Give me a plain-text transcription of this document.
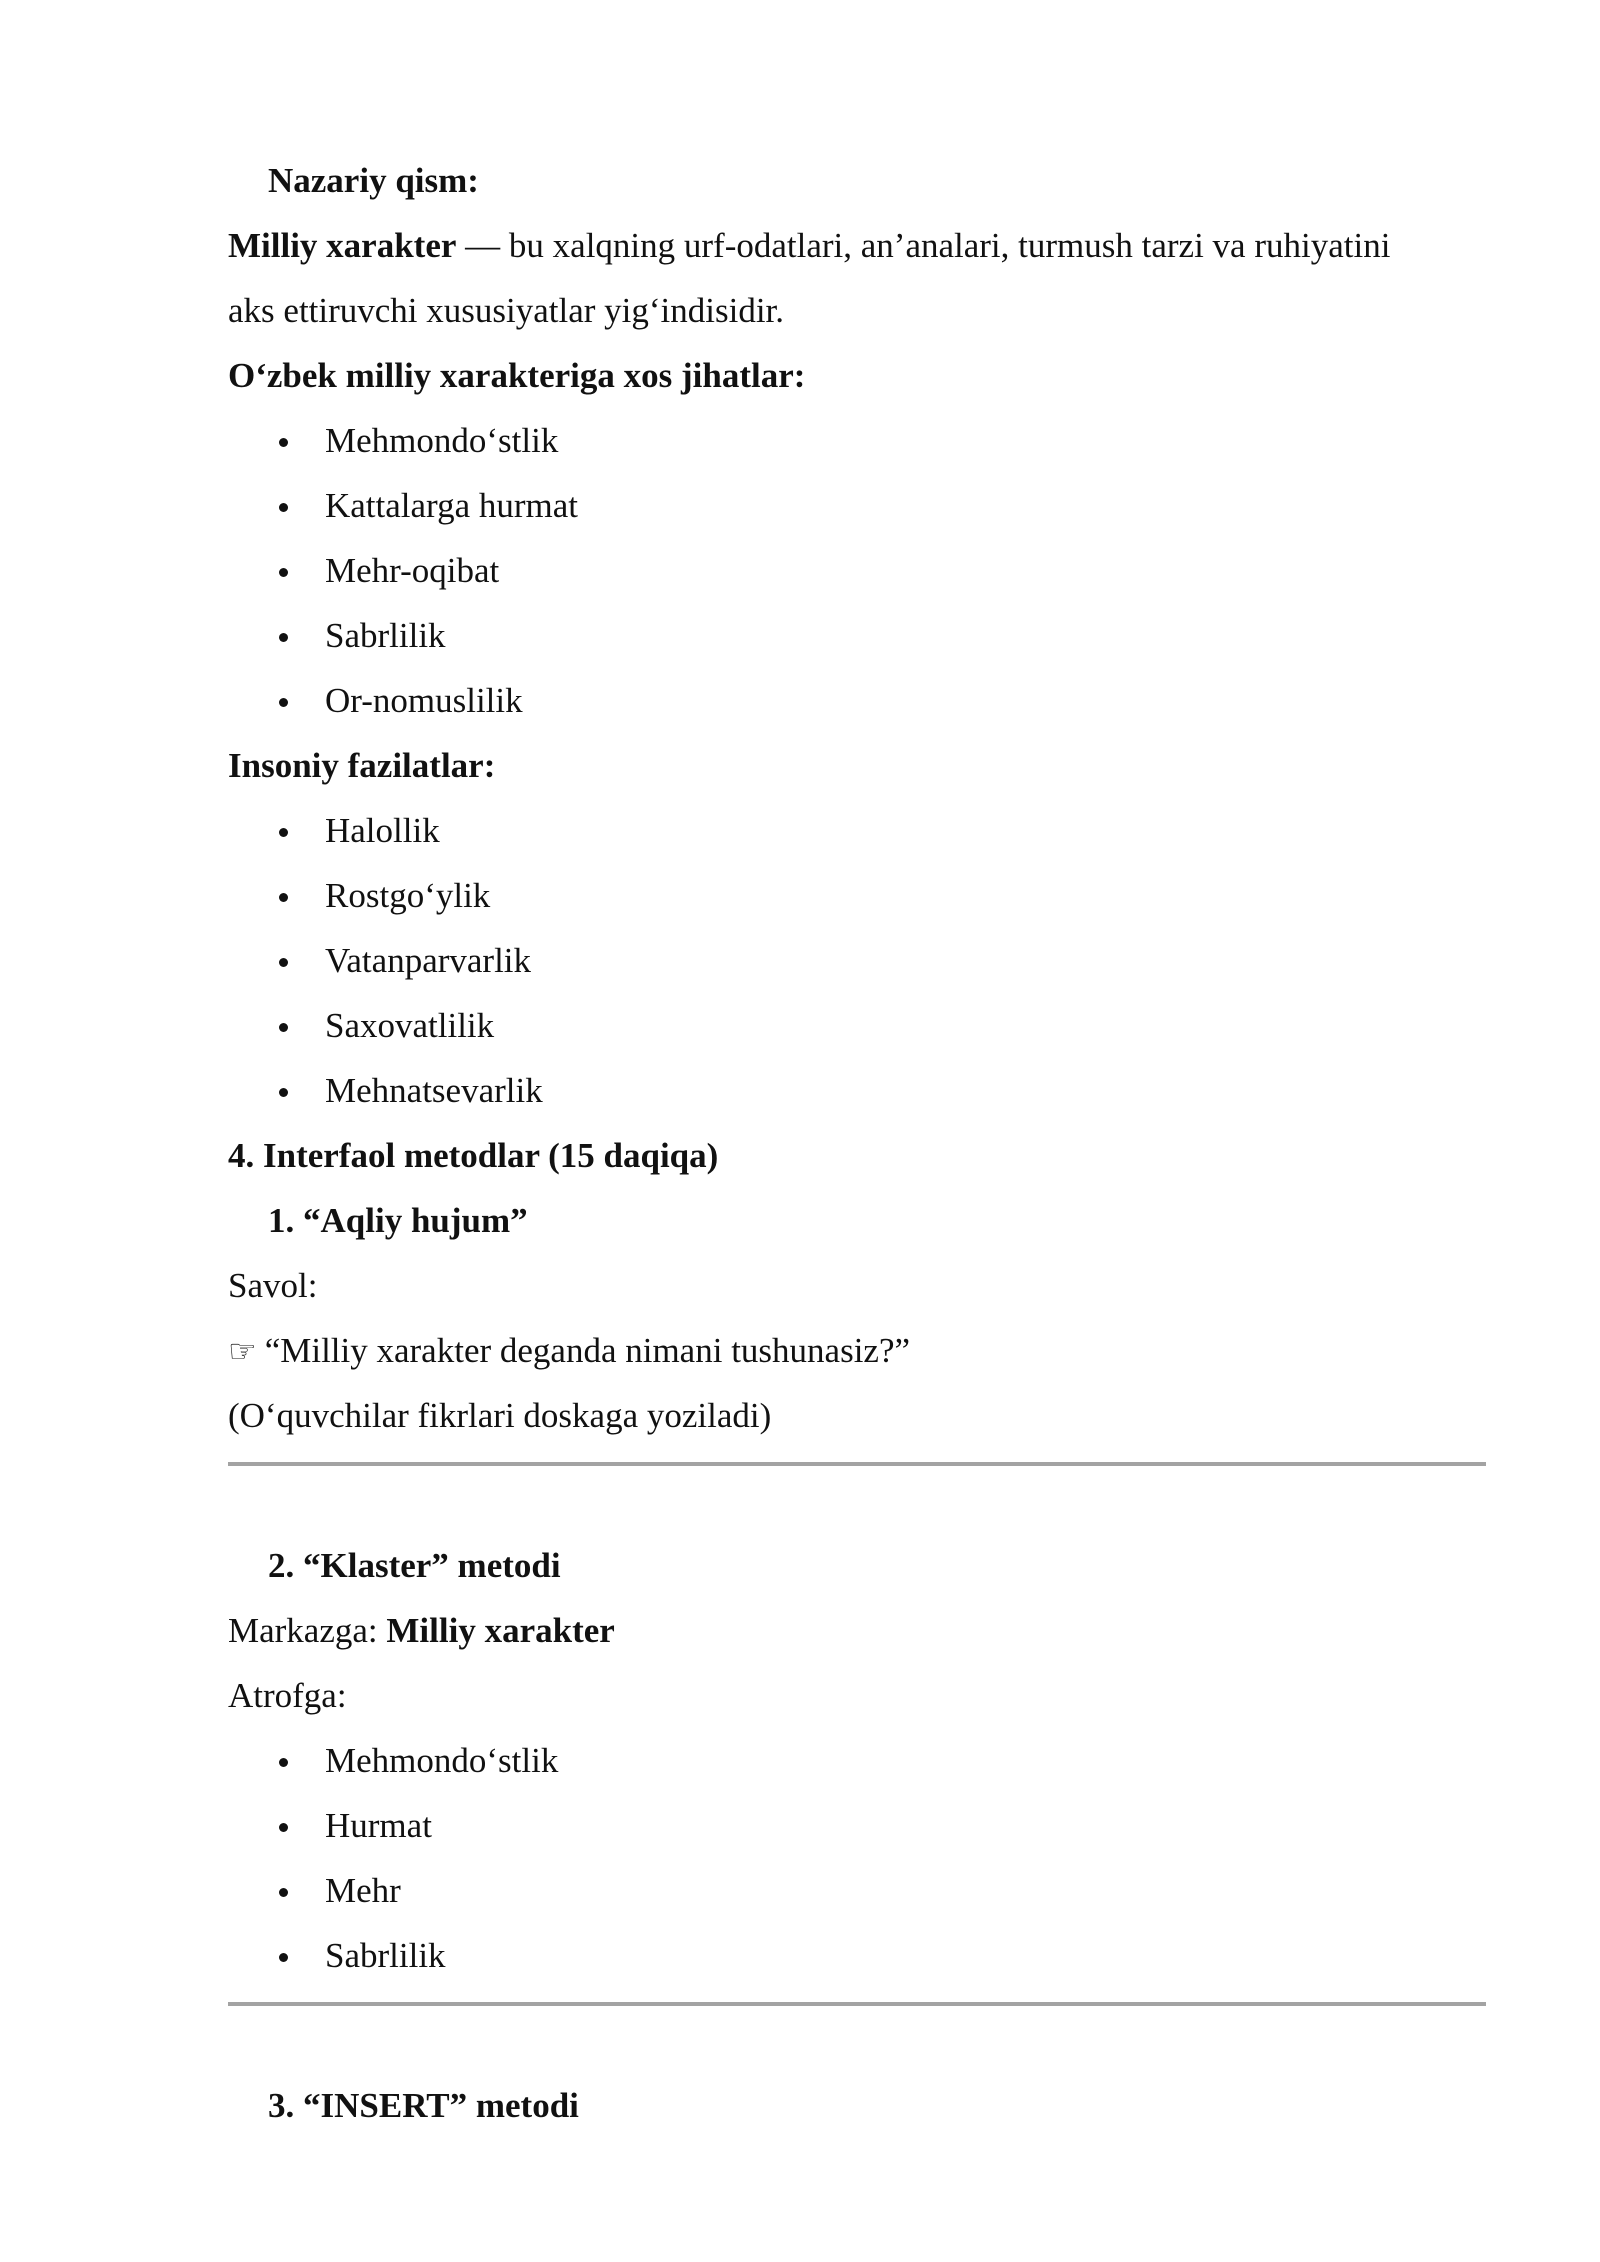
Nazariy qism:
Milliy xarakter — bu xalqning urf-odatlari, an’analari, turmush tarzi va ruhiyatini
aks ettiruvchi xususiyatlar yig‘indisidir.
O‘zbek milliy xarakteriga xos jihatlar:
Mehmondo‘stlik
Kattalarga hurmat
Mehr-oqibat
Sabrlilik
Or-nomuslilik
Insoniy fazilatlar:
Halollik
Rostgo‘ylik
Vatanparvarlik
Saxovatlilik
Mehnatsevarlik
4. Interfaol metodlar (15 daqiqa)
1. “Aqliy hujum”
Savol:
☞ “Milliy xarakter deganda nimani tushunasiz?”
(O‘quvchilar fikrlari doskaga yoziladi)
2. “Klaster” metodi
Markazga: Milliy xarakter
Atrofga:
Mehmondo‘stlik
Hurmat
Mehr
Sabrlilik
3. “INSERT” metodi
